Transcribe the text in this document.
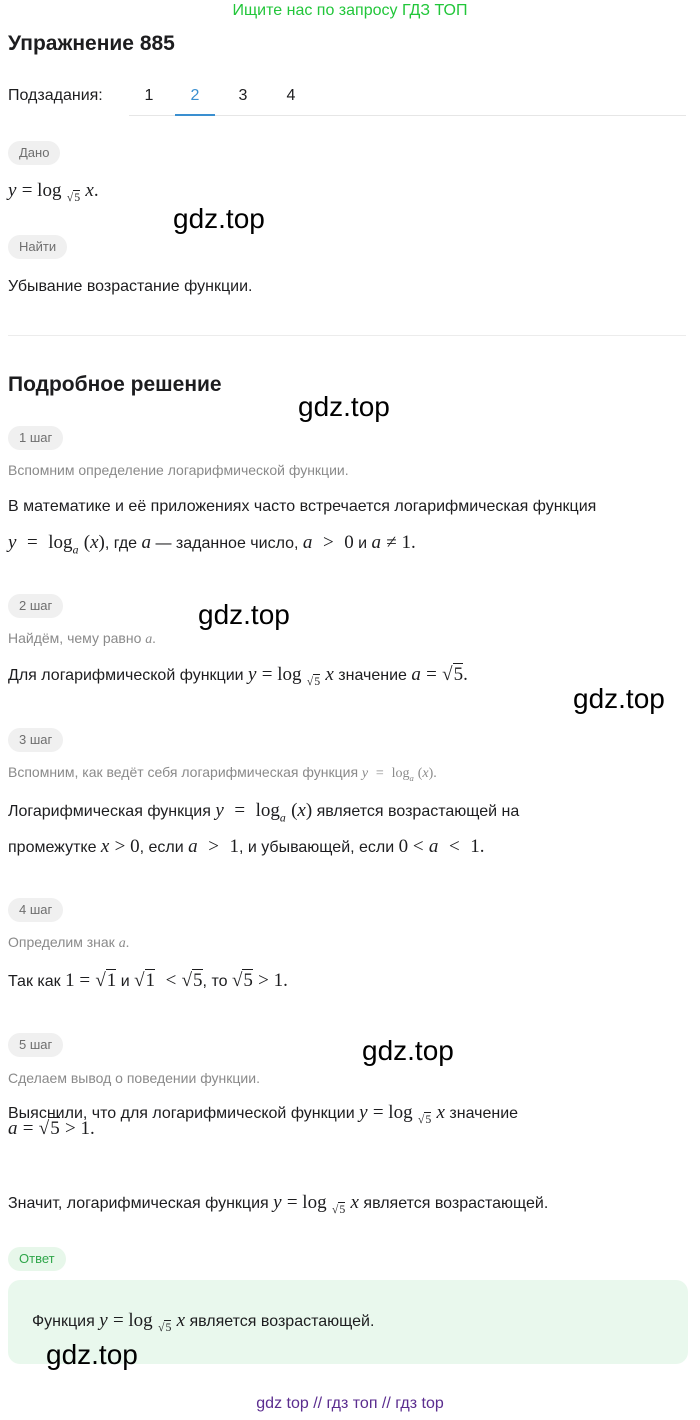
Ищите нас по запросу ГДЗ ТОП
Упражнение 885
Подзадания:	1	2	3	4
Дано
y = log $_{√5}$ x.
Найти
Убывание возрастание функции.
Подробное решение
1 шаг
Вспомним определение логарифмической функции.
В математике и её приложениях часто встречается логарифмическая функция
$y = \log_a (x)$, где a — заданное число, a > 0 и a ≠ 1.
2 шаг
Найдём, чему равно a.
Для логарифмической функции y = log $_{√5}$ x значение a = √5.
3 шаг
Вспомним, как ведёт себя логарифмическая функция $y = \log_a (x)$.
Логарифмическая функция $y = \log_a (x)$ является возрастающей на
промежутке x > 0, если a > 1, и убывающей, если 0 < a < 1.
4 шаг
Определим знак a.
Так как 1 = √1 и √1 < √5, то √5 > 1.
5 шаг
Сделаем вывод о поведении функции.
Выяснили, что для логарифмической функции y = log $_{√5}$ x значение
a = √5 > 1.
Значит, логарифмическая функция y = log $_{√5}$ x является возрастающей.
Ответ
Функция y = log $_{√5}$ x является возрастающей.
gdz.top
gdz.top
gdz.top
gdz.top
gdz.top
gdz.top
gdz top // гдз топ // гдз top
